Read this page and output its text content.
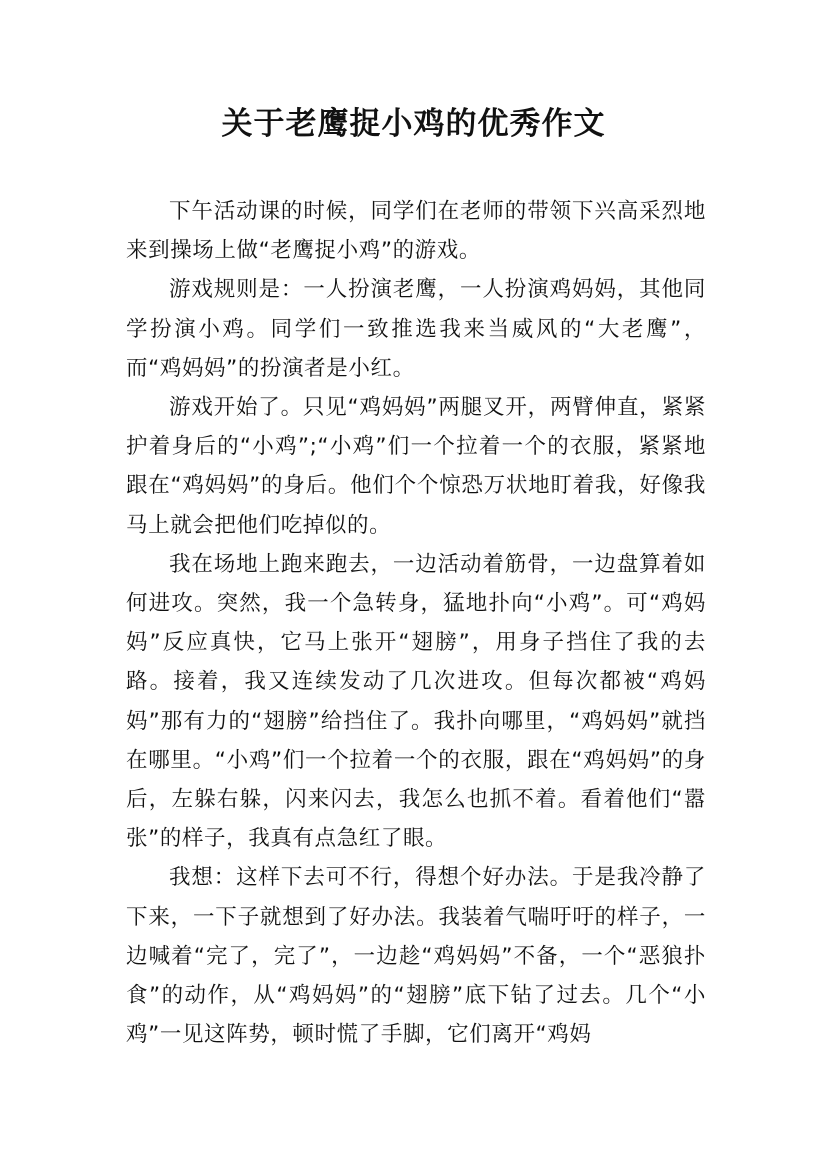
关于老鹰捉小鸡的优秀作文

下午活动课的时候，同学们在老师的带领下兴高采烈地来到操场上做“老鹰捉小鸡”的游戏。

游戏规则是：一人扮演老鹰，一人扮演鸡妈妈，其他同学扮演小鸡。同学们一致推选我来当威风的“大老鹰”，而“鸡妈妈”的扮演者是小红。

游戏开始了。只见“鸡妈妈”两腿叉开，两臂伸直，紧紧护着身后的“小鸡”;“小鸡”们一个拉着一个的衣服，紧紧地跟在“鸡妈妈”的身后。他们个个惊恐万状地盯着我，好像我马上就会把他们吃掉似的。

我在场地上跑来跑去，一边活动着筋骨，一边盘算着如何进攻。突然，我一个急转身，猛地扑向“小鸡”。可“鸡妈妈”反应真快，它马上张开“翅膀”，用身子挡住了我的去路。接着，我又连续发动了几次进攻。但每次都被“鸡妈妈”那有力的“翅膀”给挡住了。我扑向哪里，“鸡妈妈”就挡在哪里。“小鸡”们一个拉着一个的衣服，跟在“鸡妈妈”的身后，左躲右躲，闪来闪去，我怎么也抓不着。看着他们“嚣张”的样子，我真有点急红了眼。

我想：这样下去可不行，得想个好办法。于是我冷静了下来，一下子就想到了好办法。我装着气喘吁吁的样子，一边喊着“完了，完了”，一边趁“鸡妈妈”不备，一个“恶狼扑食”的动作，从“鸡妈妈”的“翅膀”底下钻了过去。几个“小鸡”一见这阵势，顿时慌了手脚，它们离开“鸡妈
